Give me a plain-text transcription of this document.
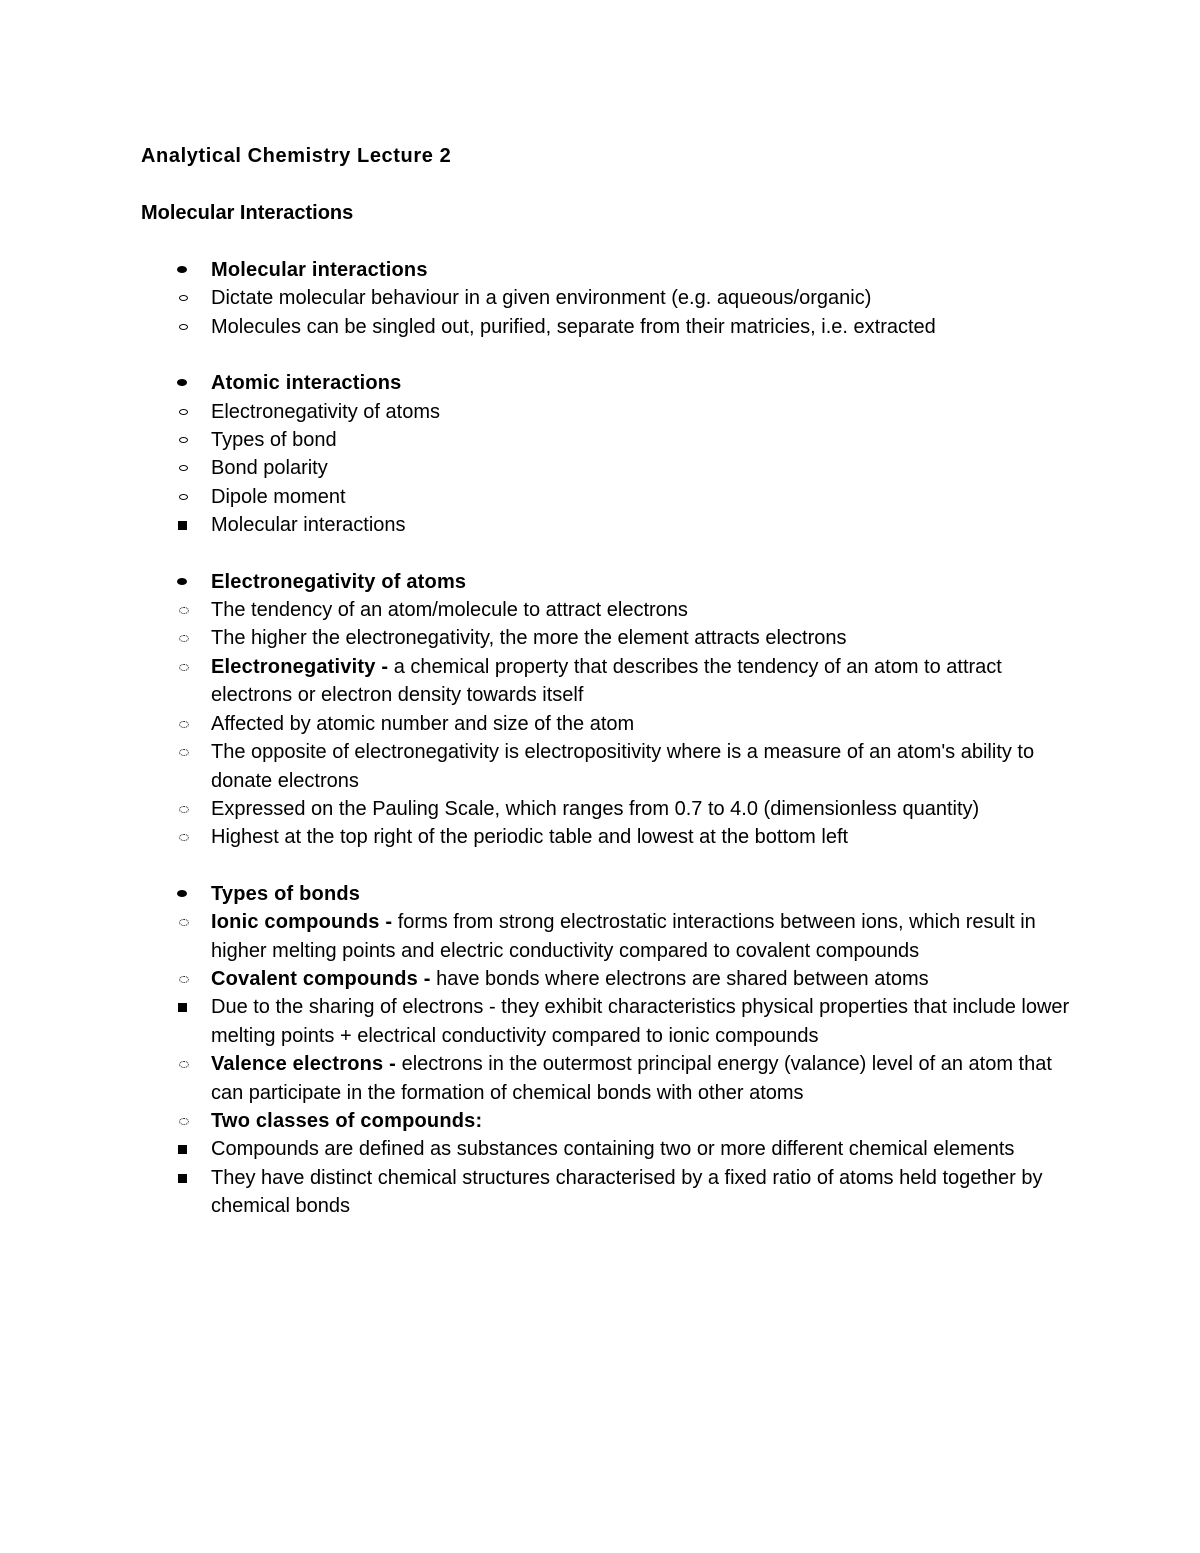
Analytical Chemistry Lecture 2

Molecular Interactions

Molecular interactions
Dictate molecular behaviour in a given environment (e.g. aqueous/organic)
Molecules can be singled out, purified, separate from their matricies, i.e. extracted
Atomic interactions
Electronegativity of atoms
Types of bond
Bond polarity
Dipole moment
Molecular interactions
Electronegativity of atoms
The tendency of an atom/molecule to attract electrons
The higher the electronegativity, the more the element attracts electrons
Electronegativity - a chemical property that describes the tendency of an atom to attract electrons or electron density towards itself
Affected by atomic number and size of the atom
The opposite of electronegativity is electropositivity where is a measure of an atom's ability to donate electrons
Expressed on the Pauling Scale, which ranges from 0.7 to 4.0 (dimensionless quantity)
Highest at the top right of the periodic table and lowest at the bottom left
Types of bonds
Ionic compounds - forms from strong electrostatic interactions between ions, which result in higher melting points and electric conductivity compared to covalent compounds
Covalent compounds - have bonds where electrons are shared between atoms
Due to the sharing of electrons - they exhibit characteristics physical properties that include lower melting points + electrical conductivity compared to ionic compounds
Valence electrons - electrons in the outermost principal energy (valance) level of an atom that can participate in the formation of chemical bonds with other atoms
Two classes of compounds:
Compounds are defined as substances containing two or more different chemical elements
They have distinct chemical structures characterised by a fixed ratio of atoms held together by chemical bonds
